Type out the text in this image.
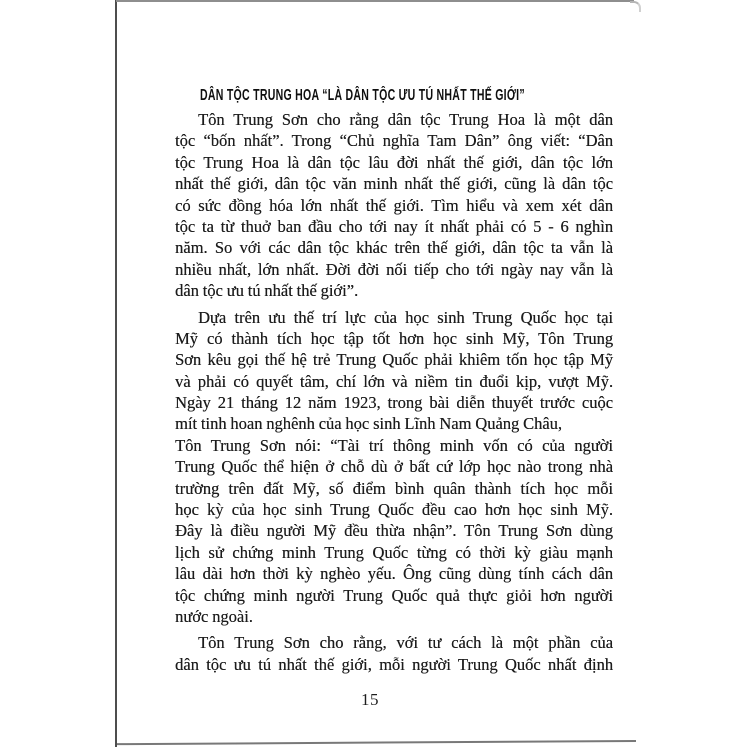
DÂN TỘC TRUNG HOA “LÀ DÂN TỘC ƯU TÚ NHẤT THẾ GIỚI”
Tôn Trung Sơn cho rằng dân tộc Trung Hoa là một dân
tộc “bốn nhất”. Trong “Chủ nghĩa Tam Dân” ông viết: “Dân
tộc Trung Hoa là dân tộc lâu đời nhất thế giới, dân tộc lớn
nhất thế giới, dân tộc văn minh nhất thế giới, cũng là dân tộc
có sức đồng hóa lớn nhất thế giới. Tìm hiểu và xem xét dân
tộc ta từ thuở ban đầu cho tới nay ít nhất phải có 5 - 6 nghìn
năm. So với các dân tộc khác trên thế giới, dân tộc ta vẫn là
nhiều nhất, lớn nhất. Đời đời nối tiếp cho tới ngày nay vẫn là
dân tộc ưu tú nhất thế giới”.
Dựa trên ưu thế trí lực của học sinh Trung Quốc học tại
Mỹ có thành tích học tập tốt hơn học sinh Mỹ, Tôn Trung
Sơn kêu gọi thế hệ trẻ Trung Quốc phải khiêm tốn học tập Mỹ
và phải có quyết tâm, chí lớn và niềm tin đuổi kịp, vượt Mỹ.
Ngày 21 tháng 12 năm 1923, trong bài diễn thuyết trước cuộc
mít tinh hoan nghênh của học sinh Lĩnh Nam Quảng Châu,
Tôn Trung Sơn nói: “Tài trí thông minh vốn có của người
Trung Quốc thể hiện ở chỗ dù ở bất cứ lớp học nào trong nhà
trường trên đất Mỹ, số điểm bình quân thành tích học mỗi
học kỳ của học sinh Trung Quốc đều cao hơn học sinh Mỹ.
Đây là điều người Mỹ đều thừa nhận”. Tôn Trung Sơn dùng
lịch sử chứng minh Trung Quốc từng có thời kỳ giàu mạnh
lâu dài hơn thời kỳ nghèo yếu. Ông cũng dùng tính cách dân
tộc chứng minh người Trung Quốc quả thực giỏi hơn người
nước ngoài.
Tôn Trung Sơn cho rằng, với tư cách là một phần của
dân tộc ưu tú nhất thế giới, mỗi người Trung Quốc nhất định
15
